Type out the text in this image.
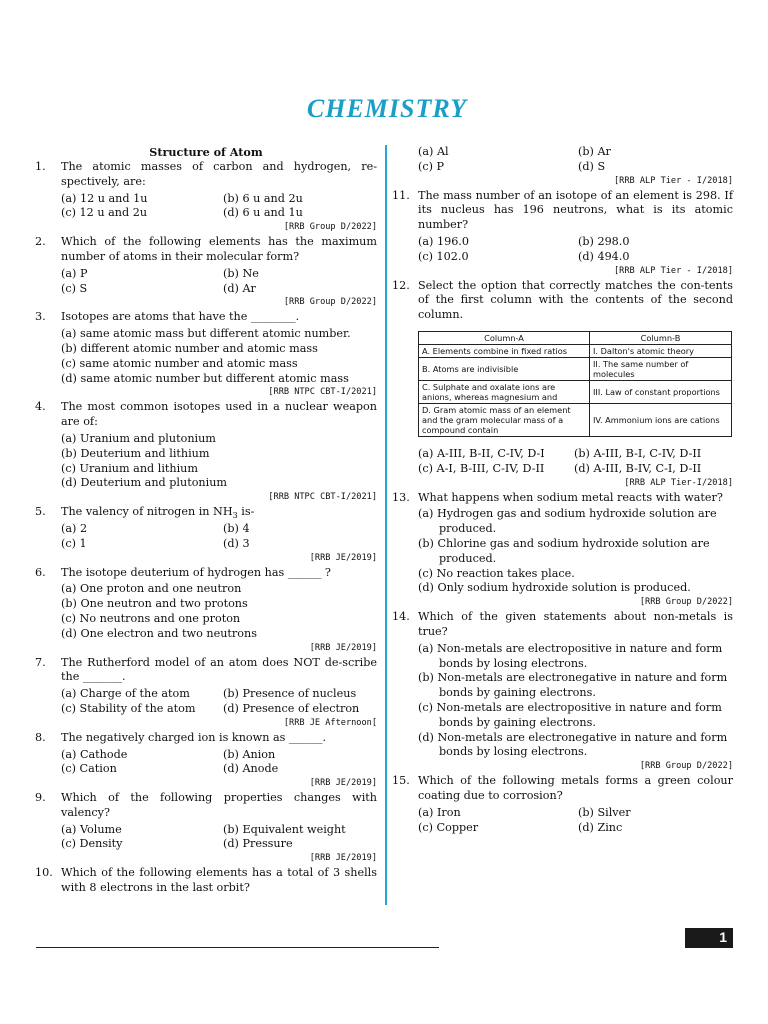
CHEMISTRY
Structure of Atom
1. The atomic masses of carbon and hydrogen, re-spectively, are:
(a) 12 u and 1u	(b) 6 u and 2u
(c) 12 u and 2u	(d) 6 u and 1u
[RRB Group D/2022]
2. Which of the following elements has the maximum number of atoms in their molecular form?
(a) P	(b) Ne
(c) S	(d) Ar
[RRB Group D/2022]
3. Isotopes are atoms that have the ________.
(a) same atomic mass but different atomic number.
(b) different atomic number and atomic mass
(c) same atomic number and atomic mass
(d) same atomic number but different atomic mass
[RRB NTPC CBT-I/2021]
4. The most common isotopes used in a nuclear weapon are of:
(a) Uranium and plutonium
(b) Deuterium and lithium
(c) Uranium and lithium
(d) Deuterium and plutonium
[RRB NTPC CBT-I/2021]
5. The valency of nitrogen in $NH_3$ is-
(a) 2	(b) 4
(c) 1	(d) 3
[RRB JE/2019]
6. The isotope deuterium of hydrogen has ______ ?
(a) One proton and one neutron
(b) One neutron and two protons
(c) No neutrons and one proton
(d) One electron and two neutrons
[RRB JE/2019]
7. The Rutherford model of an atom does NOT de-scribe the _______.
(a) Charge of the atom	(b) Presence of nucleus
(c) Stability of the atom	(d) Presence of electron
[RRB JE Afternoon[
8. The negatively charged ion is known as ______.
(a) Cathode	(b) Anion
(c) Cation	(d) Anode
[RRB JE/2019]
9. Which of the following properties changes with valency?
(a) Volume	(b) Equivalent weight
(c) Density	(d) Pressure
[RRB JE/2019]
10. Which of the following elements has a total of 3 shells with 8 electrons in the last orbit?
(a) Al	(b) Ar
(c) P	(d) S
[RRB ALP Tier - I/2018]
11. The mass number of an isotope of an element is 298. If its nucleus has 196 neutrons, what is its atomic number?
(a) 196.0	(b) 298.0
(c) 102.0	(d) 494.0
[RRB ALP Tier - I/2018]
12. Select the option that correctly matches the con-tents of the first column with the contents of the second column.
Column-A	Column-B
A. Elements combine in fixed ratios	I. Dalton's atomic theory
B. Atoms are indivisible	II. The same number of molecules
C. Sulphate and oxalate ions are anions, whereas magnesium and	III. Law of constant proportions
D. Gram atomic mass of an element and the gram molecular mass of a compound contain	IV. Ammonium ions are cations
(a) A-III, B-II, C-IV, D-I	(b) A-III, B-I, C-IV, D-II
(c) A-I, B-III, C-IV, D-II	(d) A-III, B-IV, C-I, D-II
[RRB ALP Tier-I/2018]
13. What happens when sodium metal reacts with water?
(a) Hydrogen gas and sodium hydroxide solution are produced.
(b) Chlorine gas and sodium hydroxide solution are produced.
(c) No reaction takes place.
(d) Only sodium hydroxide solution is produced.
[RRB Group D/2022]
14. Which of the given statements about non-metals is true?
(a) Non-metals are electropositive in nature and form bonds by losing electrons.
(b) Non-metals are electronegative in nature and form bonds by gaining electrons.
(c) Non-metals are electropositive in nature and form bonds by gaining electrons.
(d) Non-metals are electronegative in nature and form bonds by losing electrons.
[RRB Group D/2022]
15. Which of the following metals forms a green colour coating due to corrosion?
(a) Iron	(b) Silver
(c) Copper	(d) Zinc
1
